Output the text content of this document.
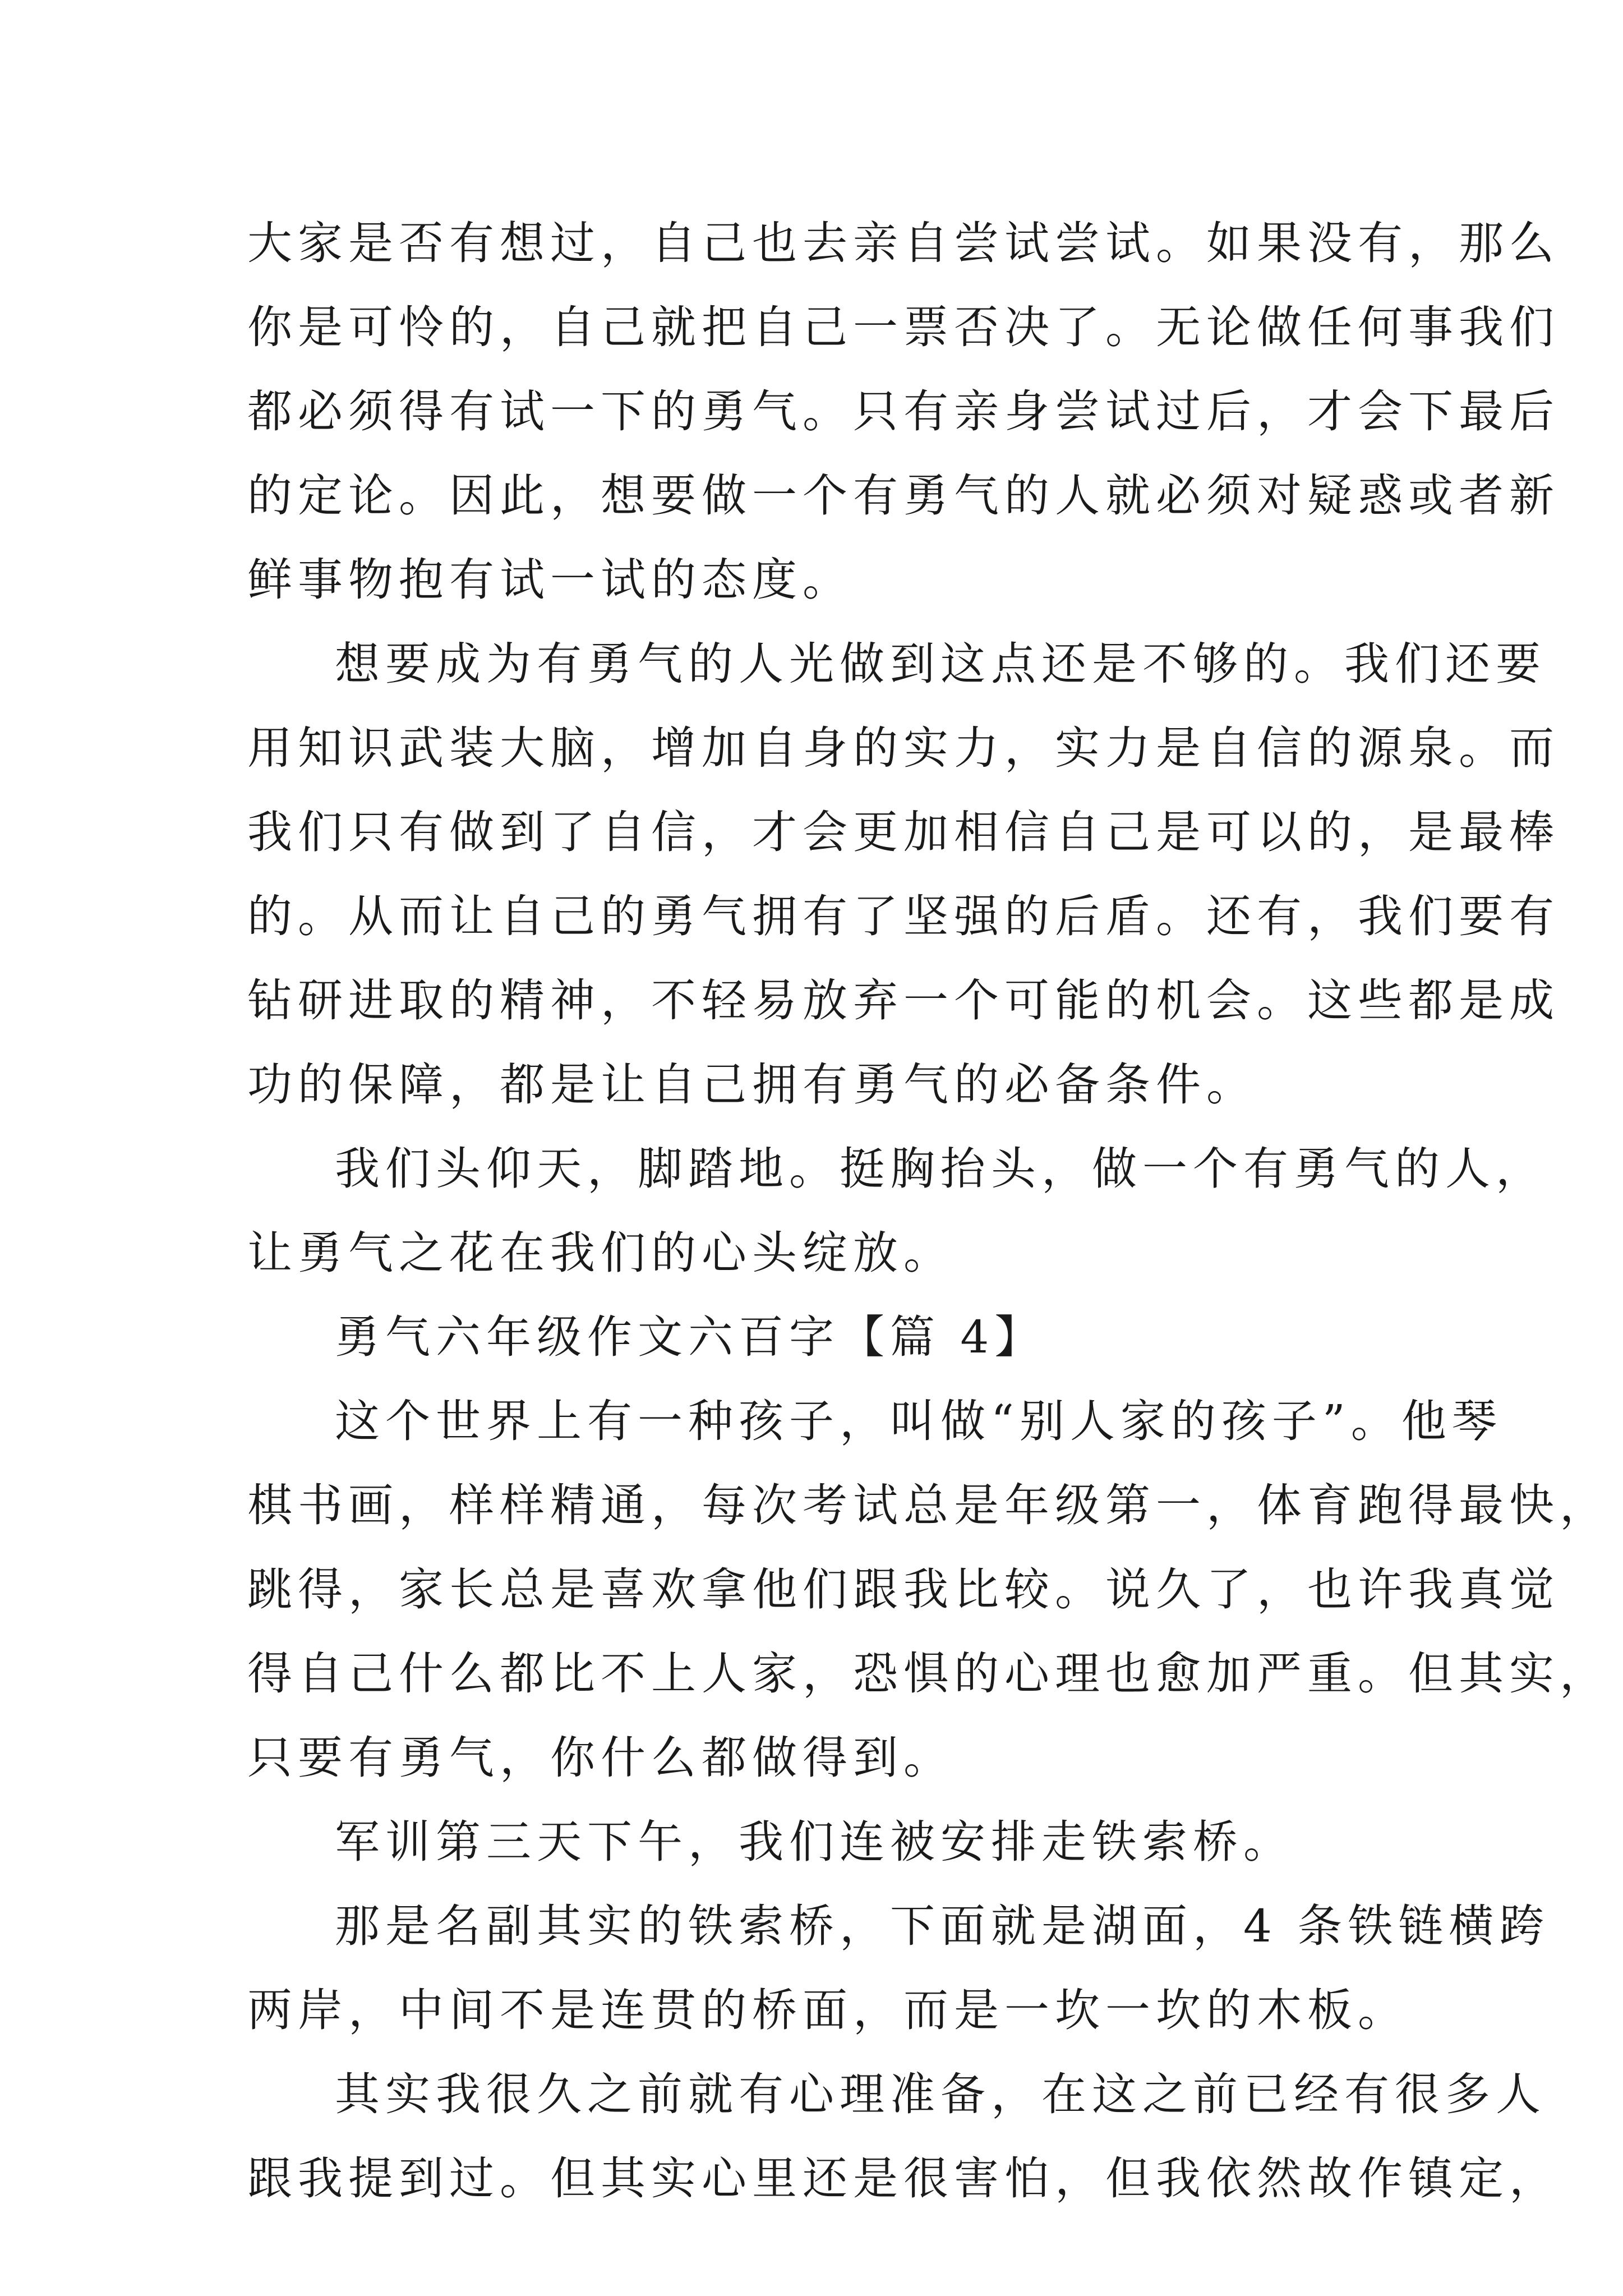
大家是否有想过，自己也去亲自尝试尝试。如果没有，那么
你是可怜的，自己就把自己一票否决了。无论做任何事我们
都必须得有试一下的勇气。只有亲身尝试过后，才会下最后
的定论。因此，想要做一个有勇气的人就必须对疑惑或者新
鲜事物抱有试一试的态度。
想要成为有勇气的人光做到这点还是不够的。我们还要
用知识武装大脑，增加自身的实力，实力是自信的源泉。而
我们只有做到了自信，才会更加相信自己是可以的，是最棒
的。从而让自己的勇气拥有了坚强的后盾。还有，我们要有
钻研进取的精神，不轻易放弃一个可能的机会。这些都是成
功的保障，都是让自己拥有勇气的必备条件。
我们头仰天，脚踏地。挺胸抬头，做一个有勇气的人，
让勇气之花在我们的心头绽放。
勇气六年级作文六百字【篇 4】
这个世界上有一种孩子，叫做“别人家的孩子”。他琴
棋书画，样样精通，每次考试总是年级第一，体育跑得最快，
跳得，家长总是喜欢拿他们跟我比较。说久了，也许我真觉
得自己什么都比不上人家，恐惧的心理也愈加严重。但其实，
只要有勇气，你什么都做得到。
军训第三天下午，我们连被安排走铁索桥。
那是名副其实的铁索桥，下面就是湖面，4 条铁链横跨
两岸，中间不是连贯的桥面，而是一坎一坎的木板。
其实我很久之前就有心理准备，在这之前已经有很多人
跟我提到过。但其实心里还是很害怕，但我依然故作镇定，
